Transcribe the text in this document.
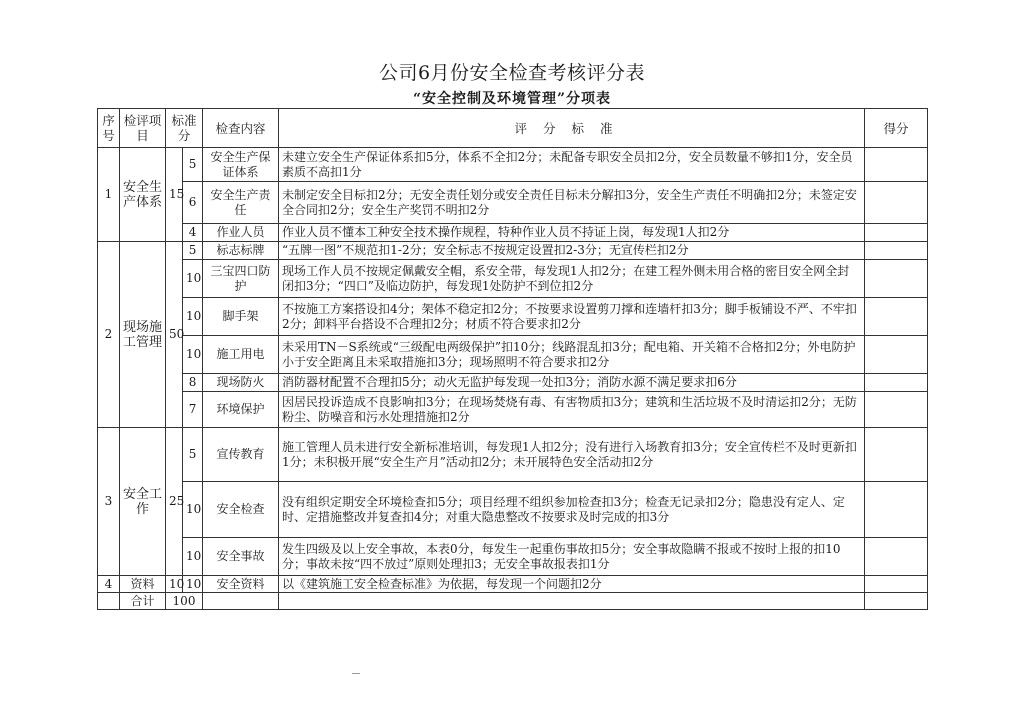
公司6月份安全检查考核评分表
“安全控制及环境管理”分项表
序号	检评项目	标准分		检查内容	评分标准	得分
1	安全生产体系	15	5	安全生产保证体系	未建立安全生产保证体系扣5分，体系不全扣2分；未配备专职安全员扣2分，安全员数量不够扣1分，安全员素质不高扣1分	
			6	安全生产责任	未制定安全目标扣2分；无安全责任划分或安全责任目标未分解扣3分，安全生产责任不明确扣2分；未签定安全合同扣2分；安全生产奖罚不明扣2分	
			4	作业人员	作业人员不懂本工种安全技术操作规程，特种作业人员不持证上岗，每发现1人扣2分	
2	现场施工管理	50	5	标志标牌	“五牌一图”不规范扣1-2分；安全标志不按规定设置扣2-3分；无宣传栏扣2分	
			10	三宝四口防护	现场工作人员不按规定佩戴安全帽，系安全带，每发现1人扣2分；在建工程外侧未用合格的密目安全网全封闭扣3分；“四口”及临边防护，每发现1处防护不到位扣2分	
			10	脚手架	不按施工方案搭设扣4分；架体不稳定扣2分；不按要求设置剪刀撑和连墙杆扣3分；脚手板铺设不严、不牢扣2分；卸料平台搭设不合理扣2分；材质不符合要求扣2分	
			10	施工用电	未采用TN－S系统或“三级配电两级保护”扣10分；线路混乱扣3分；配电箱、开关箱不合格扣2分；外电防护小于安全距离且未采取措施扣3分；现场照明不符合要求扣2分	
			8	现场防火	消防器材配置不合理扣5分；动火无监护每发现一处扣3分；消防水源不满足要求扣6分	
			7	环境保护	因居民投诉造成不良影响扣3分；在现场焚烧有毒、有害物质扣3分；建筑和生活垃圾不及时清运扣2分；无防粉尘、防噪音和污水处理措施扣2分	
3	安全工作	25	5	宣传教育	施工管理人员未进行安全新标准培训，每发现1人扣2分；没有进行入场教育扣3分；安全宣传栏不及时更新扣1分；未积极开展“安全生产月”活动扣2分；未开展特色安全活动扣2分	
			10	安全检查	没有组织定期安全环境检查扣5分；项目经理不组织参加检查扣3分；检查无记录扣2分；隐患没有定人、定时、定措施整改并复查扣4分；对重大隐患整改不按要求及时完成的扣3分	
			10	安全事故	发生四级及以上安全事故，本表0分，每发生一起重伤事故扣5分；安全事故隐瞒不报或不按时上报的扣10分；事故未按“四不放过”原则处理扣3；无安全事故报表扣1分	
4	资料	10	10	安全资料	以《建筑施工安全检查标准》为依据，每发现一个问题扣2分	
	合计	100				
